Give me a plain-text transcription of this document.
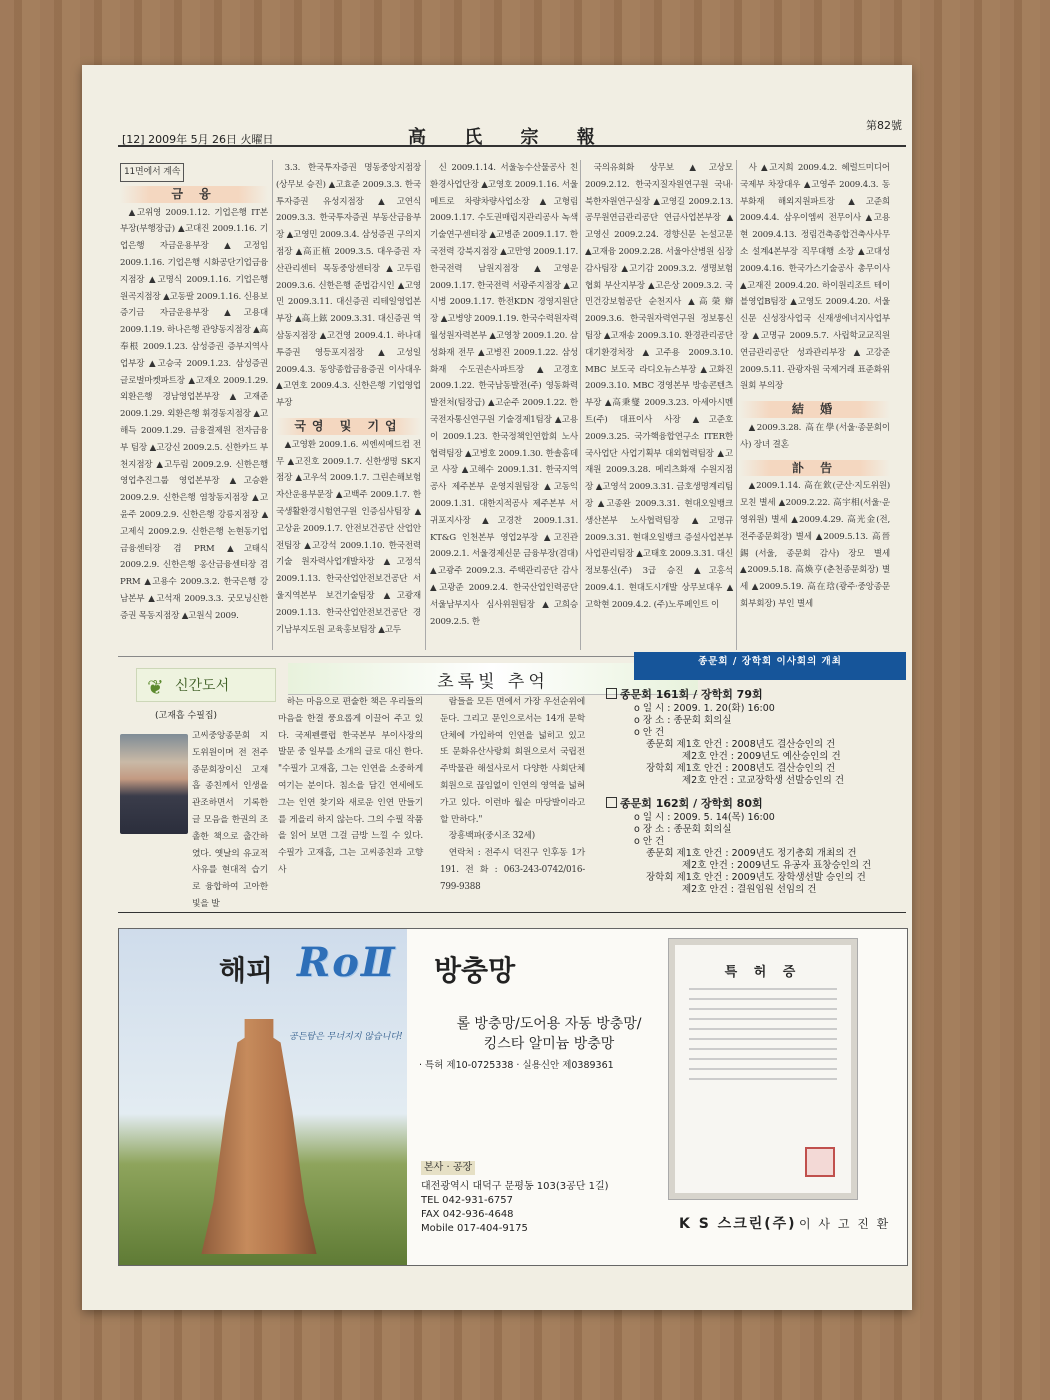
[12] 2009年 5月 26日 火曜日	高 氏 宗 報
第82號
11면에서 계속
금 융

▲고위영 2009.1.12. 기업은행 IT본부장(부행장급) ▲고대진 2009.1.16. 기업은행 자금운용부장 ▲고정임 2009.1.16. 기업은행 시화공단기업금융지점장 ▲고명식 2009.1.16. 기업은행 원곡지점장 ▲고동팔 2009.1.16. 신용보증기금 자금운용부장 ▲고용대 2009.1.19. 하나은행 관양동지점장 ▲高奉根 2009.1.23. 삼성증권 증부지역사업부장 ▲고승국 2009.1.23. 삼성증권 글로벌마켓파트장 ▲고재오 2009.1.29. 외환은행 경남영업본부장 ▲고재준 2009.1.29. 외환은행 휘경동지점장 ▲고해득 2009.1.29. 금융결제원 전자금융부 팀장 ▲고강신 2009.2.5. 신한카드 부천지점장 ▲고두림 2009.2.9. 신한은행 영업추진그룹 영업본부장 ▲고승환 2009.2.9. 신한은행 염창동지점장 ▲고윤주 2009.2.9. 신한은행 강릉지점장 ▲고제식 2009.2.9. 신한은행 논현동기업금융센터장 겸 PRM ▲고태식 2009.2.9. 신한은행 옹산금융센터장 겸 PRM ▲고용수 2009.3.2. 한국은행 강남본부 ▲고석재 2009.3.3. 굿모닝신한증권 목동지점장 ▲고원식 2009.

3.3. 한국투자증권 명동중앙지점장(상무보 승진) ▲고효준 2009.3.3. 한국투자증권 유성지점장 ▲고연식 2009.3.3. 한국투자증권 부동산금융부장 ▲고영민 2009.3.4. 삼성증권 구의지점장 ▲高正植 2009.3.5. 대우증권 자산관리센터 목동중앙센터장 ▲고두림 2009.3.6. 신한은행 준법감시인 ▲고영민 2009.3.11. 대신증권 리테일영업본부장 ▲高上鉉 2009.3.31. 대신증권 역삼동지점장 ▲고건영 2009.4.1. 하나대투증권 영등포지점장 ▲고성일 2009.4.3. 동양종합금융증권 이사대우 ▲고연호 2009.4.3. 신한은행 기업영업부장

국영 및 기업

▲고영환 2009.1.6. 씨엔씨메드컴 전무 ▲고진호 2009.1.7. 신한생명 SK지점장 ▲고우석 2009.1.7. 그린손해보험 자산운용부문장 ▲고백주 2009.1.7. 한국생활환경시험연구원 인증심사팀장 ▲고상윤 2009.1.7. 안전보건공단 산업안전팀장 ▲고강석 2009.1.10. 한국전력기술 원자력사업개발차장 ▲고정석 2009.1.13. 한국산업안전보건공단 서울지역본부 보건기술팀장 ▲고광재 2009.1.13. 한국산업안전보건공단 경기남부지도원 교육홍보팀장 ▲고두

신 2009.1.14. 서울농수산물공사 친환경사업단장 ▲고영호 2009.1.16. 서울메트로 차량차량사업소장 ▲고형림 2009.1.17. 수도권매립지관리공사 녹색기술연구센터장 ▲고병준 2009.1.17. 한국전력 강북지점장 ▲고만영 2009.1.17. 한국전력 남원지점장 ▲고영운 2009.1.17. 한국전력 서광주지점장 ▲고시병 2009.1.17. 한전KDN 경영지원단장 ▲고병양 2009.1.19. 한국수력원자력 월성원자력본부 ▲고영창 2009.1.20. 삼성화재 전무 ▲고병진 2009.1.22. 삼성화재 수도권손사파트장 ▲고경호 2009.1.22. 한국남동발전(주) 영동화력발전처(팀장급) ▲고순주 2009.1.22. 한국전자통신연구원 기술경제1팀장 ▲고용이 2009.1.23. 한국정책인연합회 노사협력팀장 ▲고병호 2009.1.30. 한솔홈데코 사장 ▲고해수 2009.1.31. 한국지역공사 제주본부 운영지원팀장 ▲고동익 2009.1.31. 대한지적공사 제주본부 서귀포지사장 ▲고경찬 2009.1.31. KT&G 인천본부 영업2부장 ▲고진관 2009.2.1. 서울경제신문 금융부장(겸대) ▲고광주 2009.2.3. 주택관리공단 감사 ▲고광준 2009.2.4. 한국산업인력공단 서울남부지사 심사위원팀장 ▲고희승 2009.2.5. 한

국의유회화 상무보 ▲고상모 2009.2.12. 한국지질자원연구원 국내·북한자원연구실장 ▲고영길 2009.2.13. 공무원연금관리공단 연금사업본부장 ▲고영신 2009.2.24. 경향신문 논설고문 ▲고재융 2009.2.28. 서울아산병원 심장감사팀장 ▲고기감 2009.3.2. 생명보험협회 부산지부장 ▲고은상 2009.3.2. 국민건강보험공단 순천지사 ▲高榮辯 2009.3.6. 한국원자력연구원 정보통신팀장 ▲고재송 2009.3.10. 환경관리공단 대기환경처장 ▲고주용 2009.3.10. MBC 보도국 라디오뉴스부장 ▲고화진 2009.3.10. MBC 경영본부 방송콘텐츠부장 ▲高秉燮 2009.3.23. 아세아시멘트(주) 대표이사 사장 ▲고준호 2009.3.25. 국가핵융합연구소 ITER한국사업단 사업기획부 대외협력팀장 ▲고재원 2009.3.28. 메리츠화재 수원지점장 ▲고영석 2009.3.31. 금호생명계리팀장 ▲고종완 2009.3.31. 현대오일뱅크 생산본부 노사협력팀장 ▲고명규 2009.3.31. 현대오일뱅크 증설사업본부 사업관리팀장 ▲고태호 2009.3.31. 대신정보통신(주) 3급 승진 ▲고홍석 2009.4.1. 현대도시개발 상무보대우 ▲고학현 2009.4.2. (주)노루페인트 이

사 ▲고지희 2009.4.2. 헤럴드미디어 국제부 차장대우 ▲고영주 2009.4.3. 동부화재 해외지원파트장 ▲고준희 2009.4.4. 삼우이엠씨 전무이사 ▲고용현 2009.4.13. 정림건축종합건축사사무소 설계4본부장 직무대행 소장 ▲고대성 2009.4.16. 한국가스기술공사 총무이사 ▲고재진 2009.4.20. 하이원리조트 테이블영업B팀장 ▲고영도 2009.4.20. 서울신문 신성장사업국 신재생에너지사업부장 ▲고명규 2009.5.7. 사립학교교직원연금관리공단 성과관리부장 ▲고강준 2009.5.11. 관광자원 국제거래 표준화위원회 부의장

結 婚

▲2009.3.28. 高在學(서울·종문회이사) 장녀 결혼

訃 告

▲2009.1.14. 高在欽(군산·지도위원) 모친 별세 ▲2009.2.22. 高宇相(서울·운영위원) 별세 ▲2009.4.29. 高光金(전, 전주종문회장) 별세 ▲2009.5.13. 高晉錫(서울, 종문회 감사) 장모 별세 ▲2009.5.18. 高煥亨(춘천종문회장) 별세 ▲2009.5.19. 高在琀(광주·중앙종문회부회장) 부인 별세

❦ 신간도서	초록빛 추억
(고재흡 수필집)

고씨중앙종문회 지도위원이며 전 전주종문회장이신 고재흡 종친께서 인생을 관조하면서 기록한 글 모음을 한권의 조촐한 책으로 출간하였다. 옛날의 유교적 사유를 현대적 습기로 융합하여 고아한 빛을 발

하는 마음으로 편술한 책은 우리들의 마음을 한결 풍요롭게 이끌어 주고 있다. 국제펜클럽 한국본부 부이사장의 발문 중 일부를 소개의 글로 대신 한다. "수필가 고재흡, 그는 인연을 소중하게 여기는 분이다. 침소을 담긴 연세에도 그는 인연 찾기와 새로운 인연 만들기를 게을리 하지 않는다. 그의 수필 작품을 읽어 보면 그걸 금방 느낄 수 있다. 수필가 고재흡, 그는 고씨종친과 고향사

람들을 모든 면에서 가장 우선순위에 둔다. 그리고 문인으로서는 14개 문학단체에 가입하여 인연을 넓히고 있고 또 문화유산사랑회 회원으로서 국립전주박물관 해설사로서 다양한 사회단체 회원으로 끊임없이 인연의 영역을 넓혀가고 있다. 이런바 월순 마당발이라고 할 만하다."

장흥백파(중시조 32세)

연락처 : 전주시 덕진구 인후동 1가 191. 전 화 : 063-243-0742/016-799-9388

종문회 / 장학회 이사회의 개최
종문회 161회 / 장학회 79회
o 일 시 : 2009. 1. 20(화) 16:00
o 장 소 : 종문회 회의실
o 안 건
종문회 제1호 안건 : 2008년도 결산승인의 건
제2호 안건 : 2009년도 예산승인의 건
장학회 제1호 안건 : 2008년도 결산승인의 건
제2호 안건 : 고교장학생 선발승인의 건
종문회 162회 / 장학회 80회
o 일 시 : 2009. 5. 14(목) 16:00
o 장 소 : 종문회 회의실
o 안 건
종문회 제1호 안건 : 2009년도 정기총회 개최의 건
제2호 안건 : 2009년도 유공자 표창승인의 건
장학회 제1호 안건 : 2009년도 장학생선발 승인의 건
제2호 안건 : 결원임원 선임의 건
공든탑은 무너지지 않습니다!
해피 RoⅡ 방충망
롤 방충망/도어용 자동 방충망/
킹스타 알미늄 방충망
· 특허 제10-0725338 · 실용신안 제0389361
본사 · 공장
대전광역시 대덕구 문평동 103(3공단 1길)
TEL 042-931-6757
FAX 042-936-4648
Mobile 017-404-9175
특 허 증
K S 스크린(주) 이 사 고 진 환
